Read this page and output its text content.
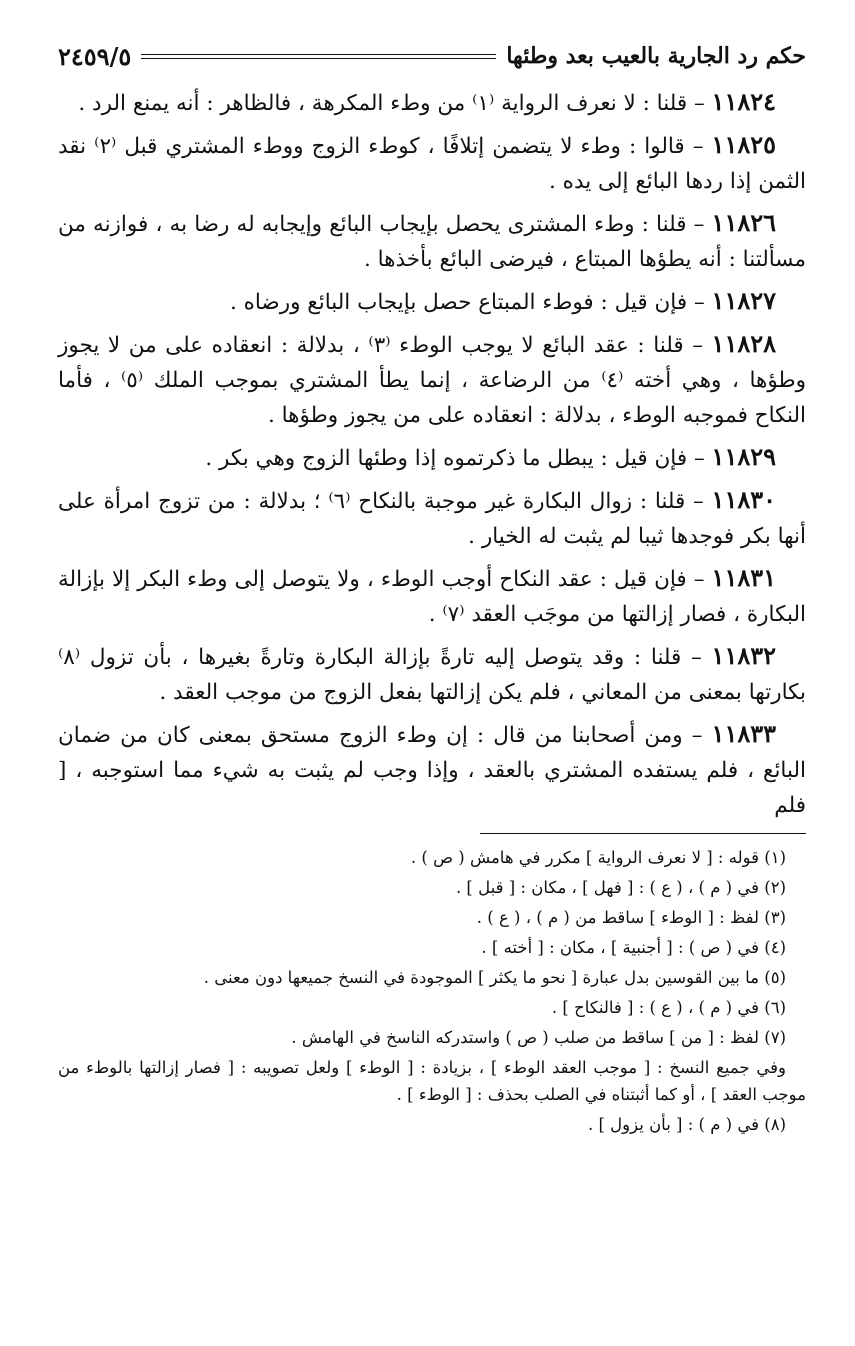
حكم رد الجارية بالعيب بعد وطئها
٢٤٥٩/٥

١١٨٢٤ – قلنا : لا نعرف الرواية ⁽١⁾ من وطء المكرهة ، فالظاهر : أنه يمنع الرد .

١١٨٢٥ – قالوا : وطء لا يتضمن إتلافًا ، كوطء الزوج ووطء المشتري قبل ⁽٢⁾ نقد الثمن إذا ردها البائع إلى يده .

١١٨٢٦ – قلنا : وطء المشترى يحصل بإيجاب البائع وإيجابه له رضا به ، فوازنه من مسألتنا : أنه يطؤها المبتاع ، فيرضى البائع بأخذها .

١١٨٢٧ – فإن قيل : فوطء المبتاع حصل بإيجاب البائع ورضاه .

١١٨٢٨ – قلنا : عقد البائع لا يوجب الوطء ⁽٣⁾ ، بدلالة : انعقاده على من لا يجوز وطؤها ، وهي أخته ⁽٤⁾ من الرضاعة ، إنما يطأ المشتري بموجب الملك ⁽٥⁾ ، فأما النكاح فموجبه الوطء ، بدلالة : انعقاده على من يجوز وطؤها .

١١٨٢٩ – فإن قيل : يبطل ما ذكرتموه إذا وطئها الزوج وهي بكر .

١١٨٣٠ – قلنا : زوال البكارة غير موجبة بالنكاح ⁽٦⁾ ؛ بدلالة : من تزوج امرأة على أنها بكر فوجدها ثيبا لم يثبت له الخيار .

١١٨٣١ – فإن قيل : عقد النكاح أوجب الوطء ، ولا يتوصل إلى وطء البكر إلا بإزالة البكارة ، فصار إزالتها من موجَب العقد ⁽٧⁾ .

١١٨٣٢ – قلنا : وقد يتوصل إليه تارةً بإزالة البكارة وتارةً بغيرها ، بأن تزول ⁽٨⁾ بكارتها بمعنى من المعاني ، فلم يكن إزالتها بفعل الزوج من موجب العقد .

١١٨٣٣ – ومن أصحابنا من قال : إن وطء الزوج مستحق بمعنى كان من ضمان البائع ، فلم يستفده المشتري بالعقد ، وإذا وجب لم يثبت به شيء مما استوجبه ، [ فلم

(١) قوله : [ لا نعرف الرواية ] مكرر في هامش ( ص ) .

(٢) في ( م ) ، ( ع ) : [ فهل ] ، مكان : [ قبل ] .

(٣) لفظ : [ الوطء ] ساقط من ( م ) ، ( ع ) .

(٤) في ( ص ) : [ أجنبية ] ، مكان : [ أخته ] .

(٥) ما بين القوسين بدل عبارة [ نحو ما يكثر ] الموجودة في النسخ جميعها دون معنى .

(٦) في ( م ) ، ( ع ) : [ فالنكاح ] .

(٧) لفظ : [ من ] ساقط من صلب ( ص ) واستدركه الناسخ في الهامش .

وفي جميع النسخ : [ موجب العقد الوطء ] ، بزيادة : [ الوطء ] ولعل تصويبه : [ فصار إزالتها بالوطء من موجب العقد ] ، أو كما أثبتناه في الصلب بحذف : [ الوطء ] .

(٨) في ( م ) : [ بأن يزول ] .
